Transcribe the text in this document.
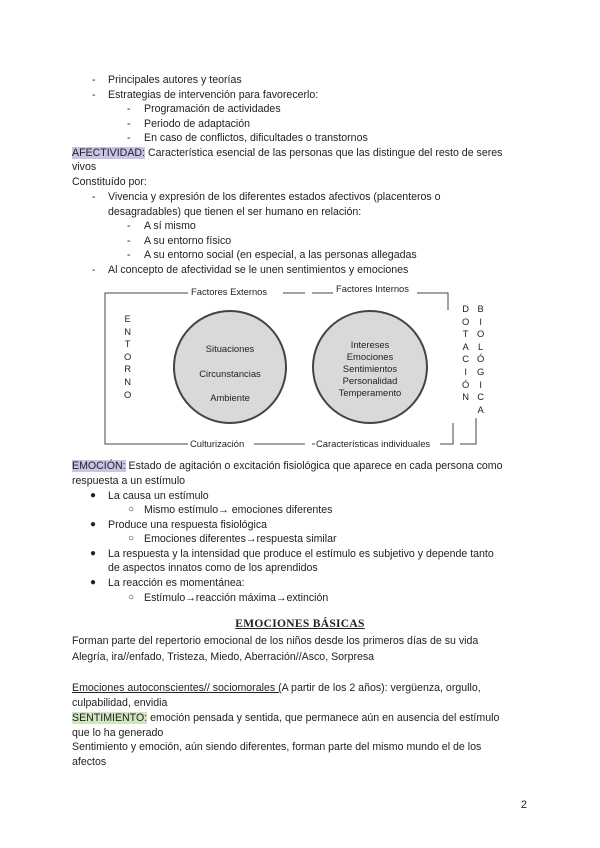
- Principales autores y teorías
- Estrategias de intervención para favorecerlo:
- Programación de actividades
- Periodo de adaptación
- En caso de conflictos, dificultades o transtornos
AFECTIVIDAD: Característica esencial de las personas que las distingue del resto de seres
vivos
Constituído por:
- Vivencia y expresión de los diferentes estados afectivos (placenteros o
desagradables) que tienen el ser humano en relación:
- A sí mismo
- A su entorno físico
- A su entorno social (en especial, a las personas allegadas
- Al concepto de afectividad se le unen sentimientos y emociones
Factores Externos	Factores Internos
Culturización	Características individuales
E
N
T
O
R
N
O
D
O
T
A
C
I
Ó
N
B
I
O
L
Ó
G
I
C
A
Situaciones
Circunstancias
Ambiente
Intereses
Emociones
Sentimientos
Personalidad
Temperamento
EMOCIÓN: Estado de agitación o excitación fisiológica que aparece en cada persona como
respuesta a un estímulo
● La causa un estímulo
○ Mismo estímulo→ emociones diferentes
● Produce una respuesta fisiológica
○ Emociones diferentes→respuesta similar
● La respuesta y la intensidad que produce el estímulo es subjetivo y depende tanto
de aspectos innatos como de los aprendidos
● La reacción es momentánea:
○ Estímulo→reacción máxima→extinción
EMOCIONES BÁSICAS
Forman parte del repertorio emocional de los niños desde los primeros días de su vida
Alegría, ira//enfado, Tristeza, Miedo, Aberración//Asco, Sorpresa
Emociones autoconscientes// sociomorales (A partir de los 2 años): vergüenza, orgullo,
culpabilidad, envidia
SENTIMIENTO: emoción pensada y sentida, que permanece aún en ausencia del estímulo
que lo ha generado
Sentimiento y emoción, aún siendo diferentes, forman parte del mismo mundo el de los
afectos
2
